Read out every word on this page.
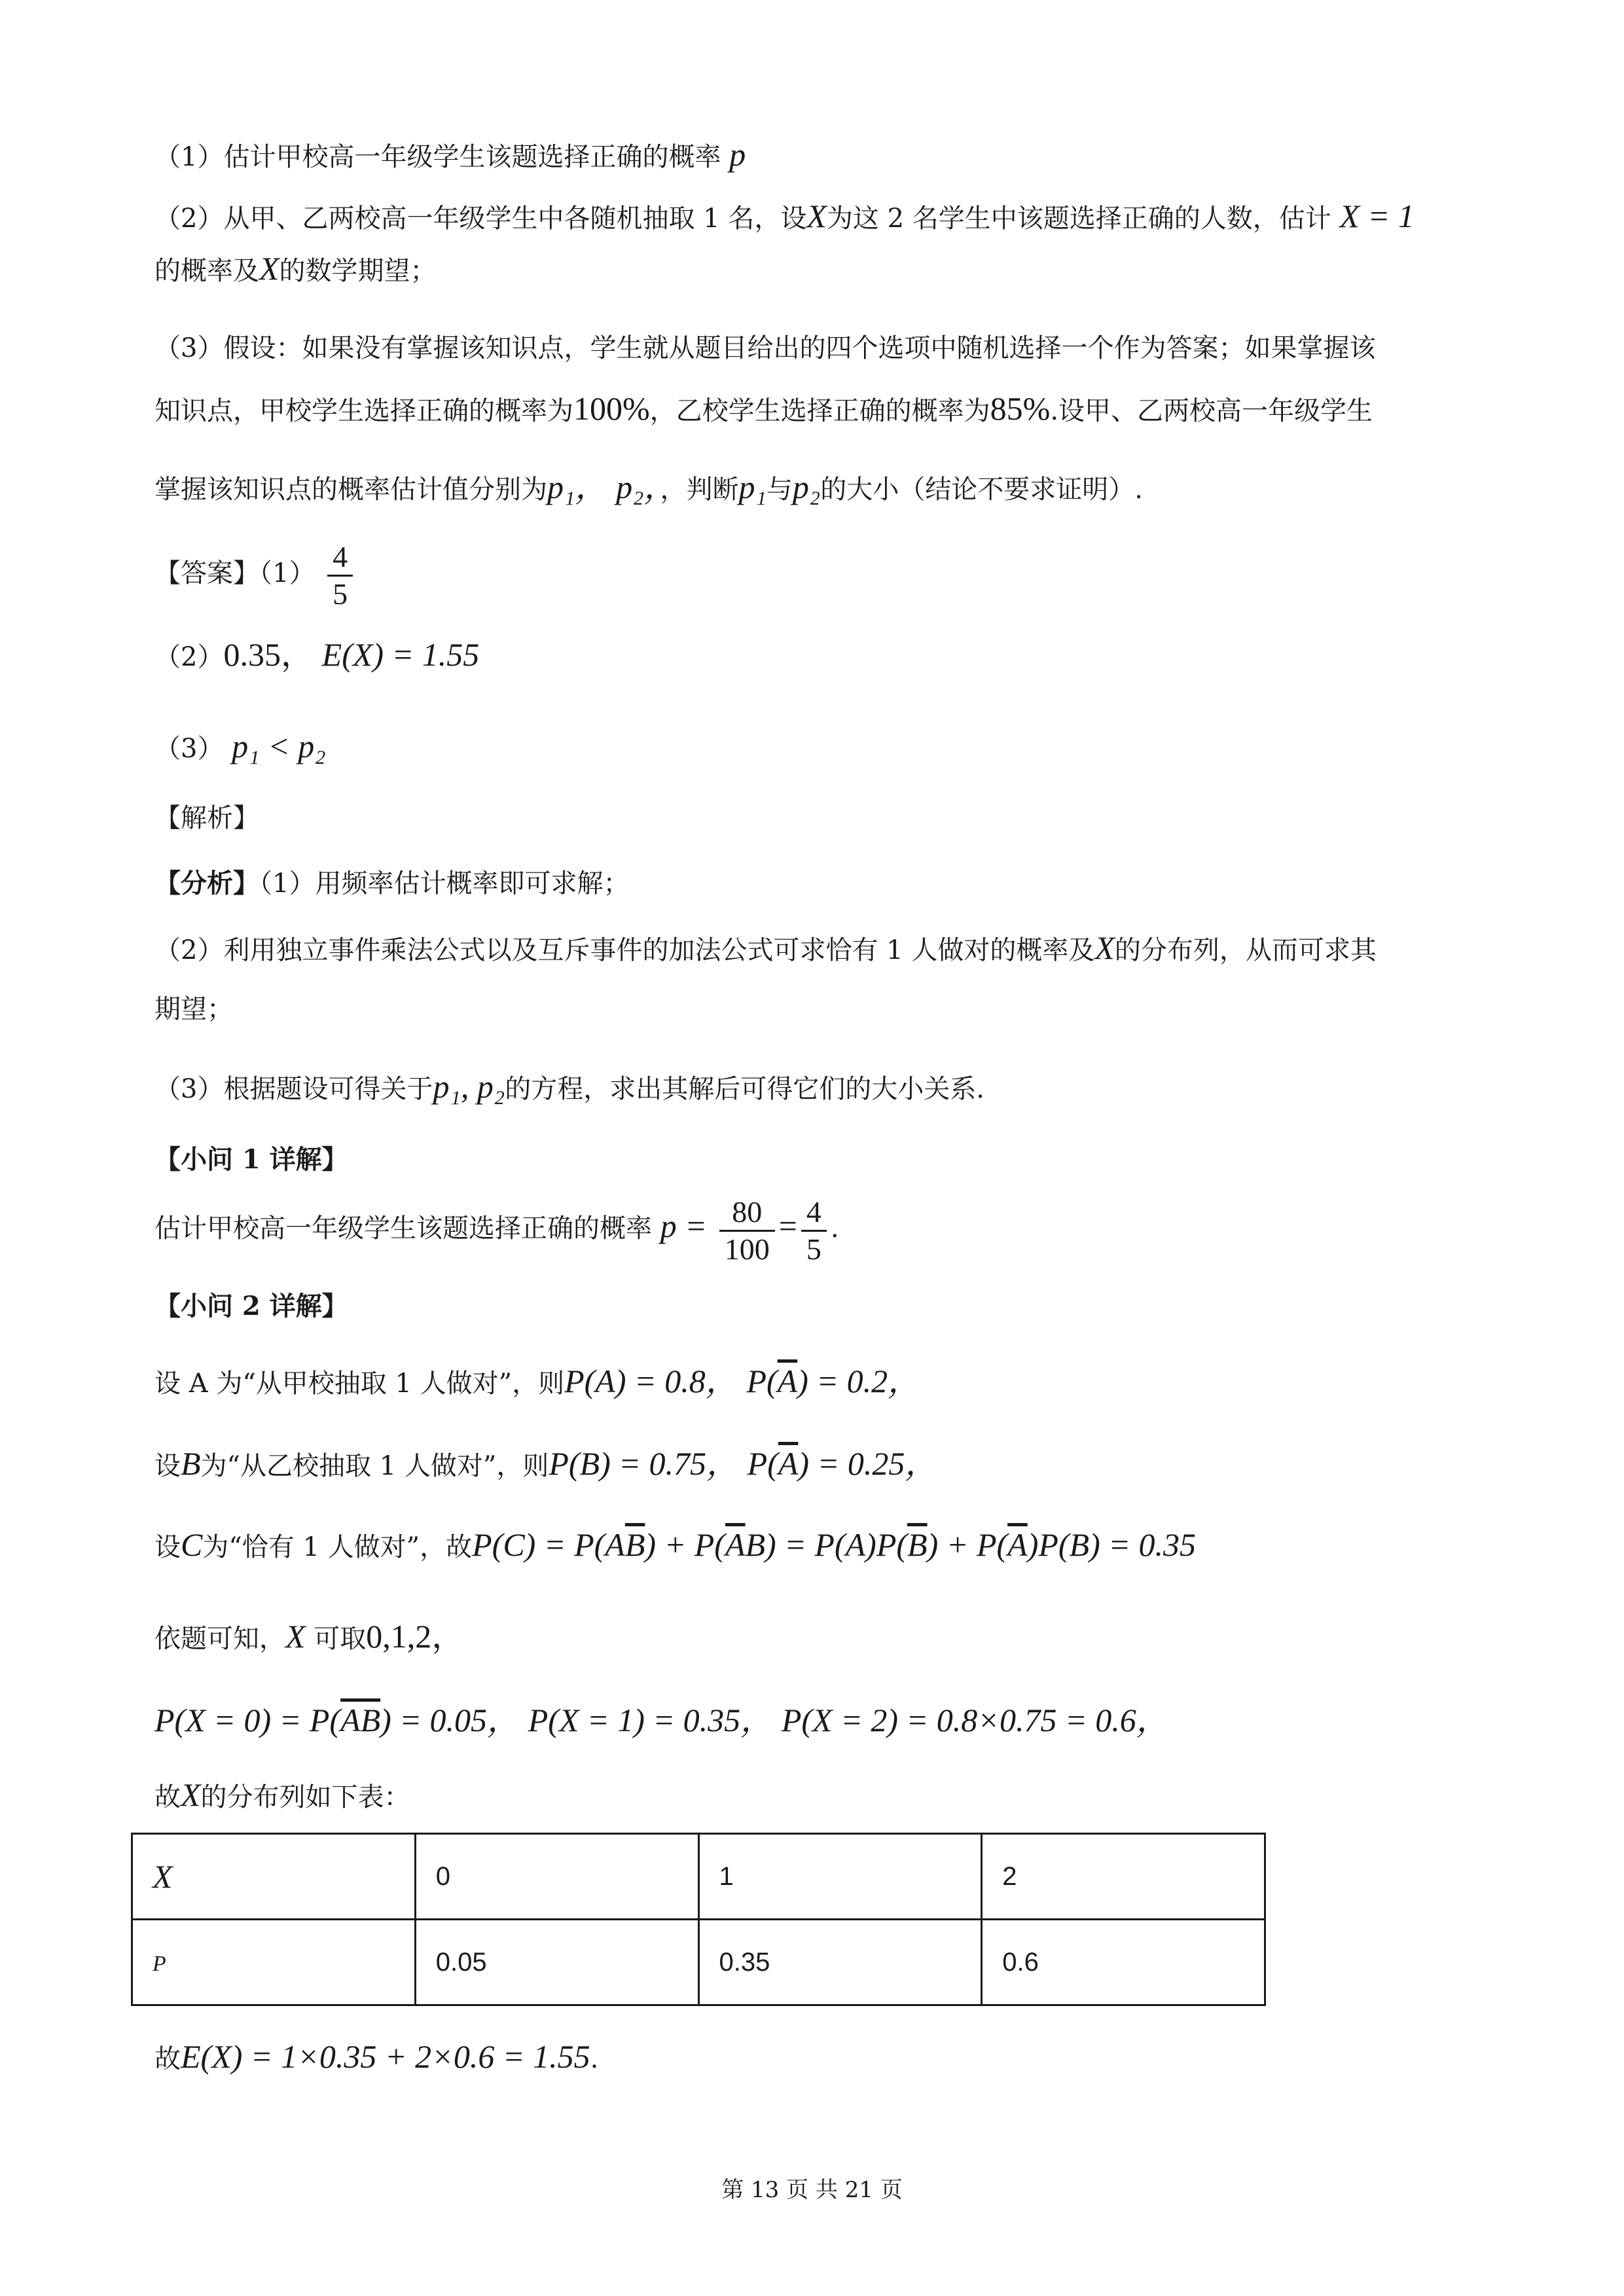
（1）估计甲校高一年级学生该题选择正确的概率 p
（2）从甲、乙两校高一年级学生中各随机抽取 1 名，设X为这 2 名学生中该题选择正确的人数，估计 X = 1
的概率及X的数学期望；
（3）假设：如果没有掌握该知识点，学生就从题目给出的四个选项中随机选择一个作为答案；如果掌握该
知识点，甲校学生选择正确的概率为100%，乙校学生选择正确的概率为85%.设甲、乙两校高一年级学生
掌握该知识点的概率估计值分别为p₁， p₂，，判断p₁与p₂的大小（结论不要求证明）.
【答案】$(1) \frac{4}{5}$
（2）0.35， E(X) = 1.55
（3） p₁ < p₂
【解析】
【分析】（1）用频率估计概率即可求解；
（2）利用独立事件乘法公式以及互斥事件的加法公式可求恰有 1 人做对的概率及X的分布列，从而可求其
期望；
（3）根据题设可得关于p₁, p₂的方程，求出其解后可得它们的大小关系.
【小问 1 详解】
估计甲校高一年级学生该题选择正确的概率 $p = \frac{80}{100} = \frac{4}{5}$ .
【小问 2 详解】
设 A 为“从甲校抽取 1 人做对”，则P(A) = 0.8， $P(\overline{A}) = 0.2$，
设B为“从乙校抽取 1 人做对”，则P(B) = 0.75， $P(\overline{A}) = 0.25$，
设C为“恰有 1 人做对”，故$P(C) = P(A\overline{B}) + P(\overline{A}B) = P(A)P(\overline{B}) + P(\overline{A})P(B) = 0.35$
依题可知，X 可取0,1,2，
$P(X = 0) = P(\overline{AB}) = 0.05$， P(X = 1) = 0.35， P(X = 2) = 0.8×0.75 = 0.6，
故X的分布列如下表：
X	0	1	2
P	0.05	0.35	0.6
故E(X) = 1×0.35 + 2×0.6 = 1.55.
第 13 页 共 21 页
